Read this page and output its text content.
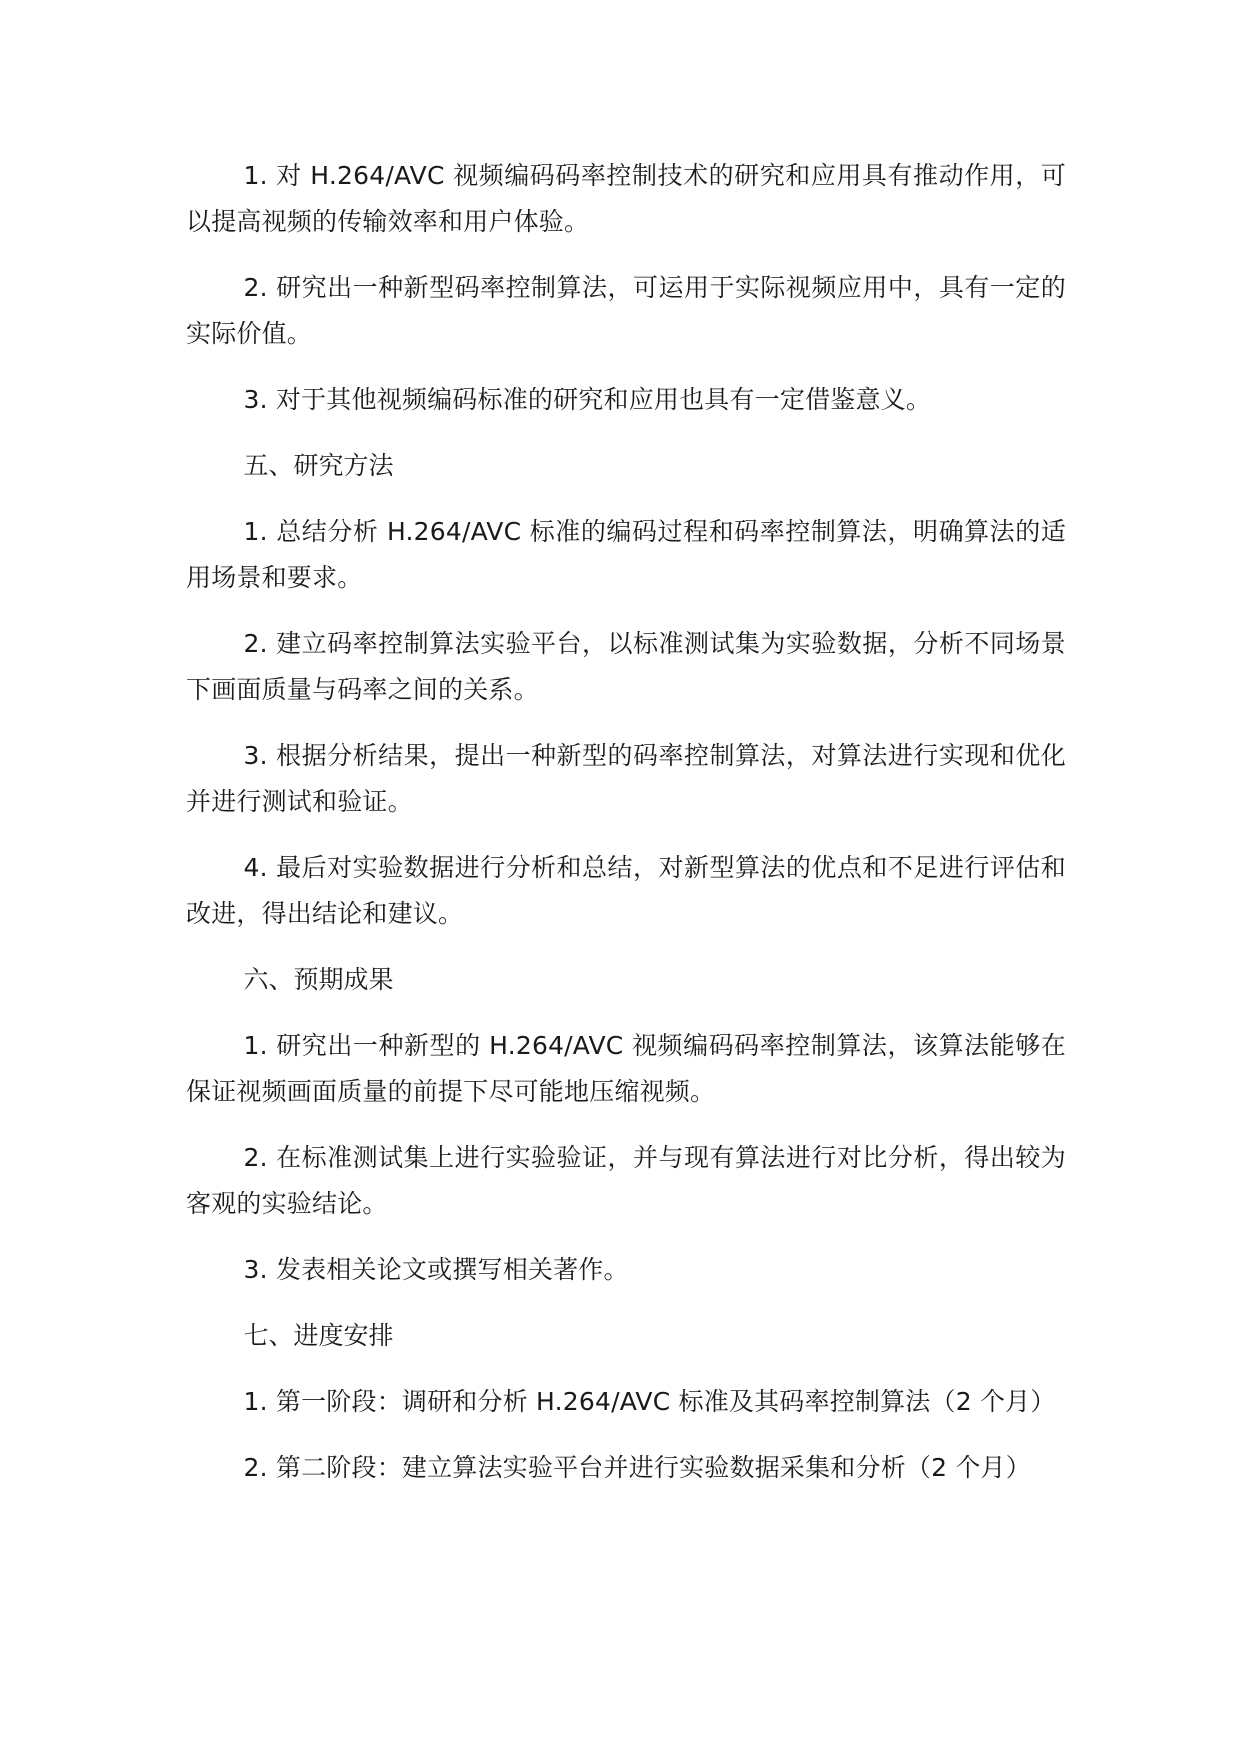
1. 对 H.264/AVC 视频编码码率控制技术的研究和应用具有推动作用，可以提高视频的传输效率和用户体验。

2. 研究出一种新型码率控制算法，可运用于实际视频应用中，具有一定的实际价值。

3. 对于其他视频编码标准的研究和应用也具有一定借鉴意义。

五、研究方法

1. 总结分析 H.264/AVC 标准的编码过程和码率控制算法，明确算法的适用场景和要求。

2. 建立码率控制算法实验平台，以标准测试集为实验数据，分析不同场景下画面质量与码率之间的关系。

3. 根据分析结果，提出一种新型的码率控制算法，对算法进行实现和优化并进行测试和验证。

4. 最后对实验数据进行分析和总结，对新型算法的优点和不足进行评估和改进，得出结论和建议。

六、预期成果

1. 研究出一种新型的 H.264/AVC 视频编码码率控制算法，该算法能够在保证视频画面质量的前提下尽可能地压缩视频。

2. 在标准测试集上进行实验验证，并与现有算法进行对比分析，得出较为客观的实验结论。

3. 发表相关论文或撰写相关著作。

七、进度安排

1. 第一阶段：调研和分析 H.264/AVC 标准及其码率控制算法（2 个月）

2. 第二阶段：建立算法实验平台并进行实验数据采集和分析（2 个月）
